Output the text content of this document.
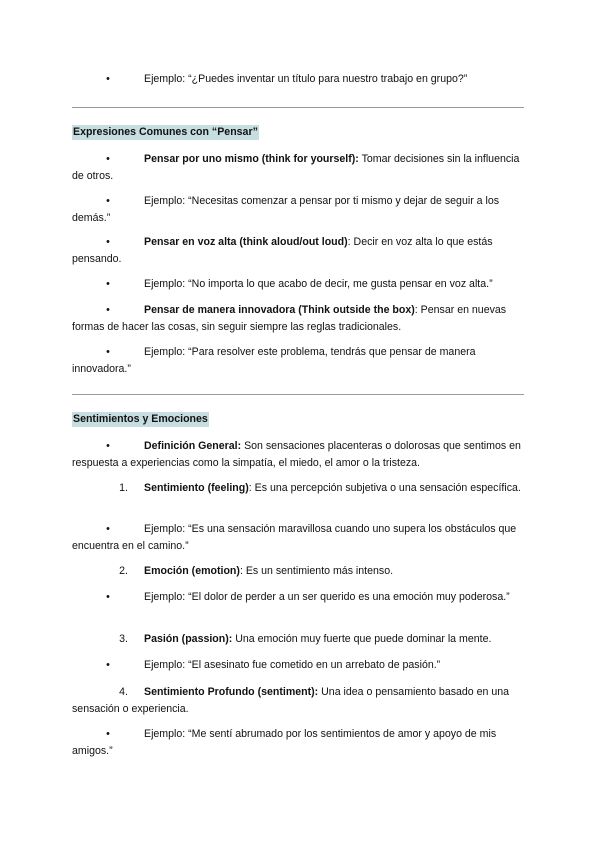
•	Ejemplo: “¿Puedes inventar un título para nuestro trabajo en grupo?”

Expresiones Comunes con “Pensar”
•	Pensar por uno mismo (think for yourself): Tomar decisiones sin la influencia de otros.

•	Ejemplo: “Necesitas comenzar a pensar por ti mismo y dejar de seguir a los demás.”

•	Pensar en voz alta (think aloud/out loud): Decir en voz alta lo que estás pensando.

•	Ejemplo: “No importa lo que acabo de decir, me gusta pensar en voz alta.”

•	Pensar de manera innovadora (Think outside the box): Pensar en nuevas formas de hacer las cosas, sin seguir siempre las reglas tradicionales.

•	Ejemplo: “Para resolver este problema, tendrás que pensar de manera innovadora.”

Sentimientos y Emociones
•	Definición General: Son sensaciones placenteras o dolorosas que sentimos en respuesta a experiencias como la simpatía, el miedo, el amor o la tristeza.

1.	Sentimiento (feeling): Es una percepción subjetiva o una sensación específica.

•	Ejemplo: “Es una sensación maravillosa cuando uno supera los obstáculos que encuentra en el camino.”

2.	Emoción (emotion): Es un sentimiento más intenso.

•	Ejemplo: “El dolor de perder a un ser querido es una emoción muy poderosa.”

3.	Pasión (passion): Una emoción muy fuerte que puede dominar la mente.

•	Ejemplo: “El asesinato fue cometido en un arrebato de pasión.”

4.	Sentimiento Profundo (sentiment): Una idea o pensamiento basado en una sensación o experiencia.

•	Ejemplo: “Me sentí abrumado por los sentimientos de amor y apoyo de mis amigos.”
